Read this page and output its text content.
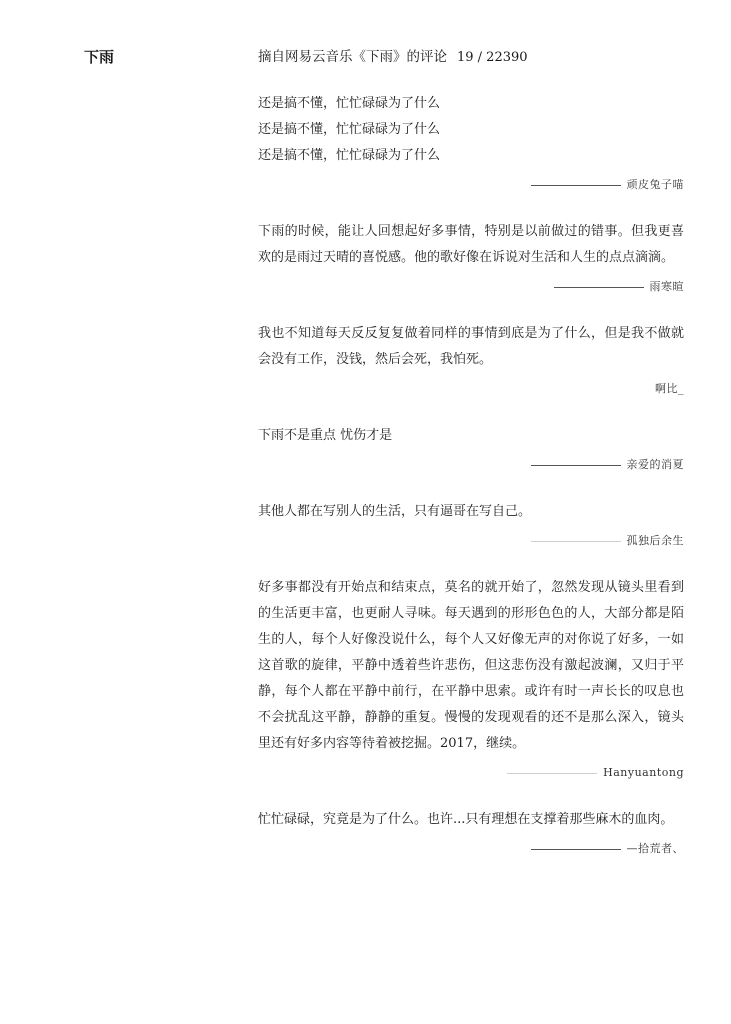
下雨	摘自网易云音乐《下雨》的评论 19 / 22390

还是搞不懂，忙忙碌碌为了什么
还是搞不懂，忙忙碌碌为了什么
还是搞不懂，忙忙碌碌为了什么

顽皮兔子喵

下雨的时候，能让人回想起好多事情，特别是以前做过的错事。但我更喜欢的是雨过天晴的喜悦感。他的歌好像在诉说对生活和人生的点点滴滴。

雨寒暄

我也不知道每天反反复复做着同样的事情到底是为了什么，但是我不做就会没有工作，没钱，然后会死，我怕死。

啊比_

下雨不是重点 忧伤才是

亲爱的消夏

其他人都在写别人的生活，只有逼哥在写自己。

孤独后余生

好多事都没有开始点和结束点，莫名的就开始了，忽然发现从镜头里看到的生活更丰富，也更耐人寻味。每天遇到的形形色色的人，大部分都是陌生的人，每个人好像没说什么，每个人又好像无声的对你说了好多，一如这首歌的旋律，平静中透着些许悲伤，但这悲伤没有激起波澜，又归于平静，每个人都在平静中前行，在平静中思索。或许有时一声长长的叹息也不会扰乱这平静，静静的重复。慢慢的发现观看的还不是那么深入，镜头里还有好多内容等待着被挖掘。2017，继续。

Hanyuantong

忙忙碌碌，究竟是为了什么。也许...只有理想在支撑着那些麻木的血肉。

—拾荒者、
